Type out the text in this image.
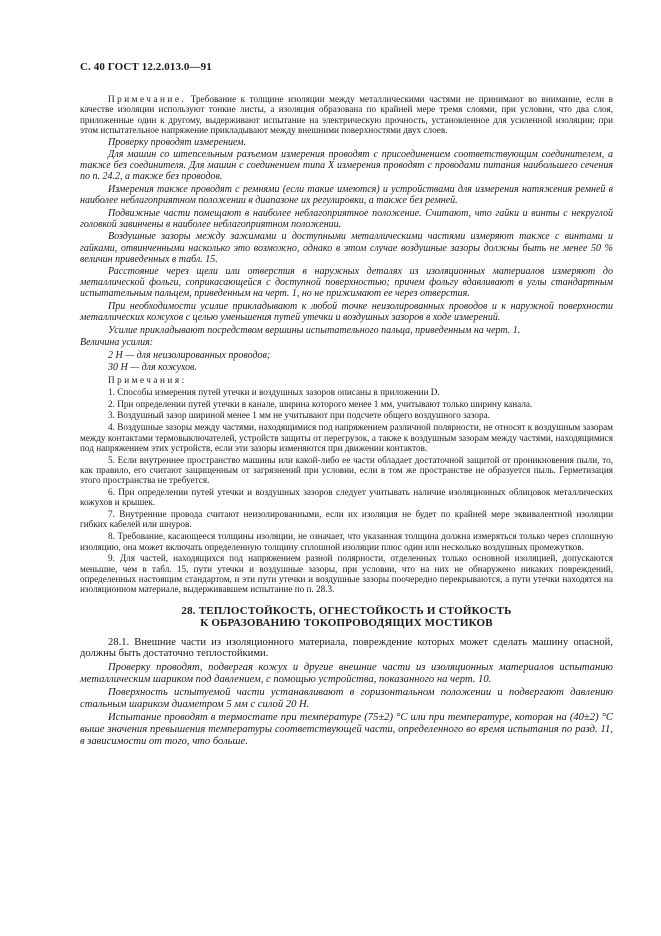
С. 40 ГОСТ 12.2.013.0—91

Примечание. Требование к толщине изоляции между металлическими частями не принимают во внимание, если в качестве изоляции используют тонкие листы, а изоляция образована по крайней мере тремя слоями, при условии, что два слоя, приложенные один к другому, выдерживают испытание на электрическую прочность, установленное для усиленной изоляции; при этом испытательное напряжение прикладывают между внешними поверхностями двух слоев.

Проверку проводят измерением.

Для машин со штепсельным разъемом измерения проводят с присоединением соответствующим соединителем, а также без соединителя. Для машин с соединением типа X измерения проводят с проводами питания наибольшего сечения по п. 24.2, а также без проводов.

Измерения также проводят с ремнями (если такие имеются) и устройствами для измерения натяжения ремней в наиболее неблагоприятном положении в диапазоне их регулировки, а также без ремней.

Подвижные части помещают в наиболее неблагоприятное положение. Считают, что гайки и винты с некруглой головкой завинчены в наиболее неблагоприятном положении.

Воздушные зазоры между зажимами и доступными металлическими частями измеряют также с винтами и гайками, отвинченными насколько это возможно, однако в этом случае воздушные зазоры должны быть не менее 50 % величин приведенных в табл. 15.

Расстояние через щели или отверстия в наружных деталях из изоляционных материалов измеряют до металлической фольги, соприкасающейся с доступной поверхностью; причем фольгу вдавливают в углы стандартным испытательным пальцем, приведенным на черт. 1, но не прижимают ее через отверстия.

При необходимости усилие прикладывают к любой точке неизолированных проводов и к наружной поверхности металлических кожухов с целью уменьшения путей утечки и воздушных зазоров в ходе измерений.

Усилие прикладывают посредством вершины испытательного пальца, приведенным на черт. 1.

Величина усилия:

2 Н — для неизолированных проводов;

30 Н — для кожухов.

Примечания:

1. Способы измерения путей утечки и воздушных зазоров описаны в приложении D.

2. При определении путей утечки в канале, ширина которого менее 1 мм, учитывают только ширину канала.

3. Воздушный зазор шириной менее 1 мм не учитывают при подсчете общего воздушного зазора.

4. Воздушные зазоры между частями, находящимися под напряжением различной полярности, не относят к воздушным зазорам между контактами термовыключателей, устройств защиты от перегрузок, а также к воздушным зазорам между частями, находящимися под напряжением этих устройств, если эти зазоры изменяются при движении контактов.

5. Если внутреннее пространство машины или какой-либо ее части обладает достаточной защитой от проникновения пыли, то, как правило, его считают защищенным от загрязнений при условии, если в том же пространстве не образуется пыль. Герметизация этого пространства не требуется.

6. При определении путей утечки и воздушных зазоров следует учитывать наличие изоляционных облицовок металлических кожухов и крышек.

7. Внутренние провода считают неизолированными, если их изоляция не будет по крайней мере эквивалентной изоляции гибких кабелей или шнуров.

8. Требование, касающееся толщины изоляции, не означает, что указанная толщина должна измеряться только через сплошную изоляцию, она может включать определенную толщину сплошной изоляции плюс один или несколько воздушных промежутков.

9. Для частей, находящихся под напряжением разной полярности, отделенных только основной изоляцией, допускаются меньшие, чем в табл. 15, пути утечки и воздушные зазоры, при условии, что на них не обнаружено никаких повреждений, определенных настоящим стандартом, и эти пути утечки и воздушные зазоры поочередно перекрываются, а пути утечки находятся на изоляционном материале, выдерживавшем испытание по п. 28.3.

28. ТЕПЛОСТОЙКОСТЬ, ОГНЕСТОЙКОСТЬ И СТОЙКОСТЬ
К ОБРАЗОВАНИЮ ТОКОПРОВОДЯЩИХ МОСТИКОВ

28.1. Внешние части из изоляционного материала, повреждение которых может сделать машину опасной, должны быть достаточно теплостойкими.

Проверку проводят, подвергая кожух и другие внешние части из изоляционных материалов испытанию металлическим шариком под давлением, с помощью устройства, показанного на черт. 10.

Поверхность испытуемой части устанавливают в горизонтальном положении и подвергают давлению стальным шариком диаметром 5 мм с силой 20 Н.

Испытание проводят в термостате при температуре (75±2) °С или при температуре, которая на (40±2) °С выше значения превышения температуры соответствующей части, определенного во время испытания по разд. 11, в зависимости от того, что больше.
